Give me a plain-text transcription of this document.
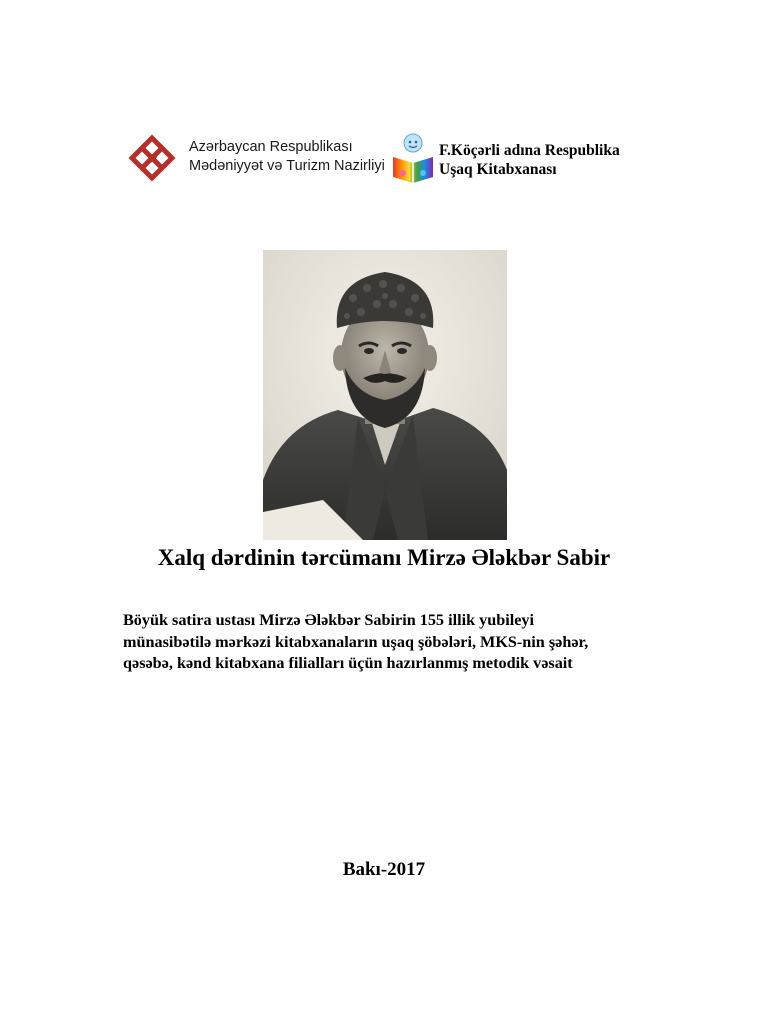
Azərbaycan Respublikası
Mədəniyyət və Turizm Nazirliyi
F.Köçərli adına Respublika
Uşaq Kitabxanası
Xalq dərdinin tərcümanı Mirzə Ələkbər Sabir
Böyük satira ustası Mirzə Ələkbər Sabirin 155 illik yubileyi
münasibətilə mərkəzi kitabxanaların uşaq şöbələri, MKS-nin şəhər,
qəsəbə, kənd kitabxana filialları üçün hazırlanmış metodik vəsait
Bakı-2017
